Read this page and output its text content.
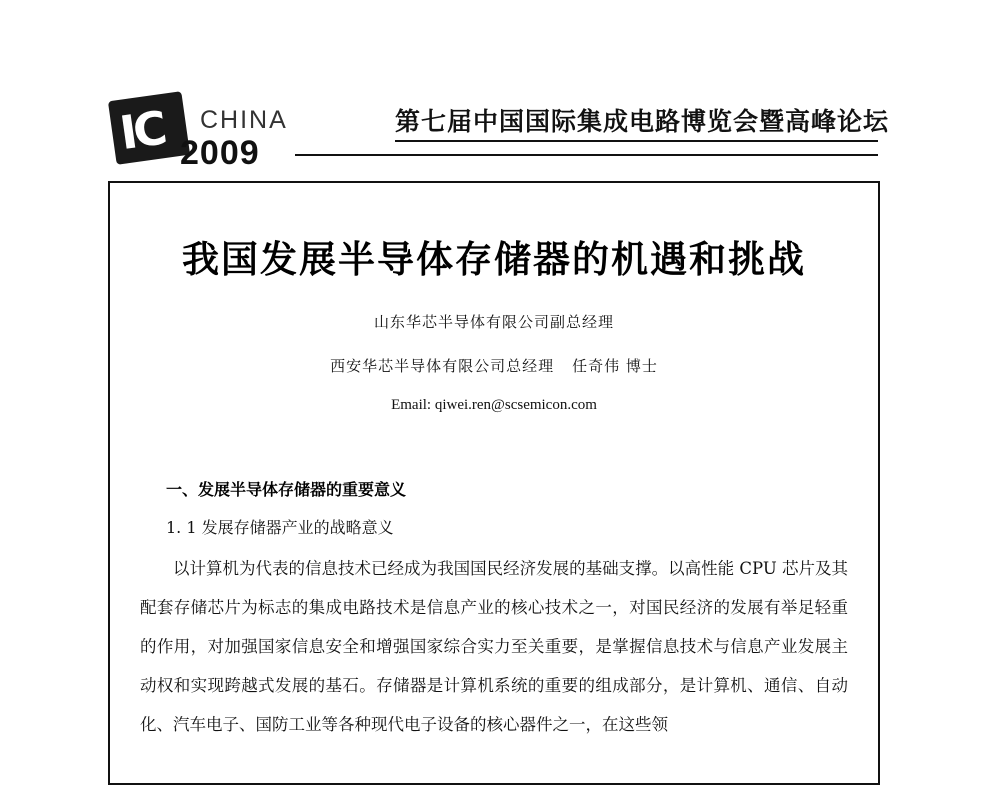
IC	CHINA
2009
第七届中国国际集成电路博览会暨高峰论坛
我国发展半导体存储器的机遇和挑战
山东华芯半导体有限公司副总经理
西安华芯半导体有限公司总经理 任奇伟 博士
Email: qiwei.ren@scsemicon.com
一、发展半导体存储器的重要意义
1. 1 发展存储器产业的战略意义
以计算机为代表的信息技术已经成为我国国民经济发展的基础支撑。以高性能 CPU 芯片及其配套存储芯片为标志的集成电路技术是信息产业的核心技术之一，对国民经济的发展有举足轻重的作用，对加强国家信息安全和增强国家综合实力至关重要，是掌握信息技术与信息产业发展主动权和实现跨越式发展的基石。存储器是计算机系统的重要的组成部分，是计算机、通信、自动化、汽车电子、国防工业等各种现代电子设备的核心器件之一，在这些领
